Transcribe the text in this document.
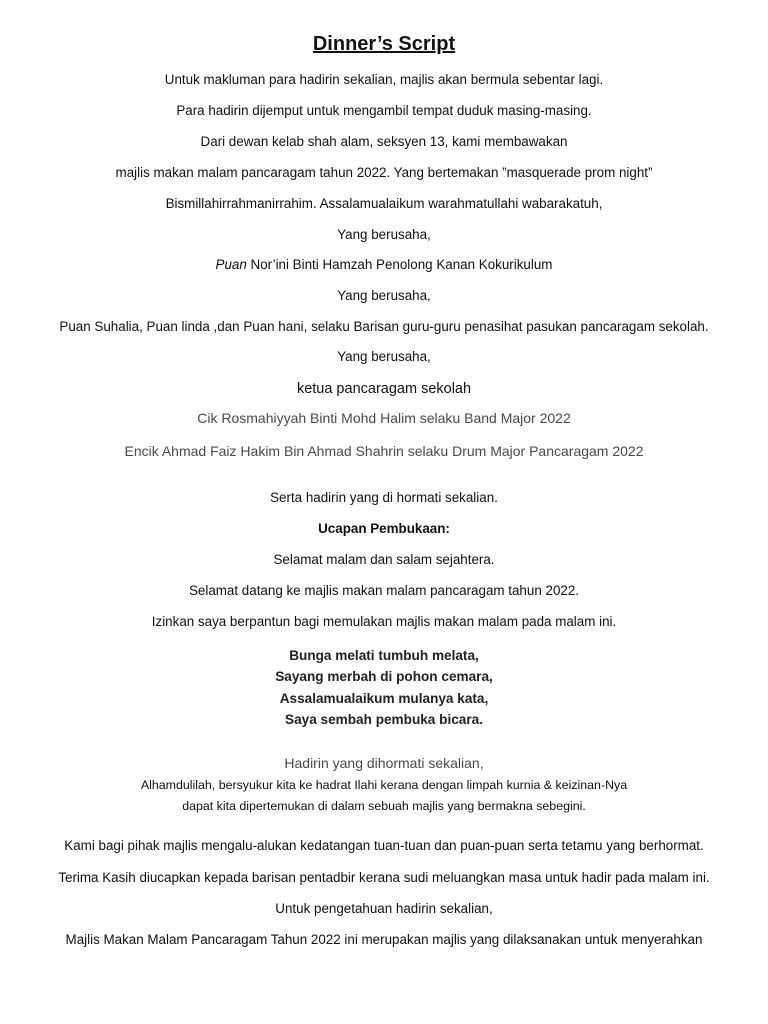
Dinner’s Script
Untuk makluman para hadirin sekalian, majlis akan bermula sebentar lagi.
Para hadirin dijemput untuk mengambil tempat duduk masing-masing.
Dari dewan kelab shah alam, seksyen 13, kami membawakan
majlis makan malam pancaragam tahun 2022. Yang bertemakan ”masquerade prom night”
Bismillahirrahmanirrahim. Assalamualaikum warahmatullahi wabarakatuh,
Yang berusaha,
Puan Nor’ini Binti Hamzah Penolong Kanan Kokurikulum
Yang berusaha,
Puan Suhalia, Puan linda ,dan Puan hani, selaku Barisan guru-guru penasihat pasukan pancaragam sekolah.
Yang berusaha,
ketua pancaragam sekolah
Cik Rosmahiyyah Binti Mohd Halim selaku Band Major 2022
Encik Ahmad Faiz Hakim Bin Ahmad Shahrin selaku Drum Major Pancaragam 2022
Serta hadirin yang di hormati sekalian.
Ucapan Pembukaan:
Selamat malam dan salam sejahtera.
Selamat datang ke majlis makan malam pancaragam tahun 2022.
Izinkan saya berpantun bagi memulakan majlis makan malam pada malam ini.
Bunga melati tumbuh melata,
Sayang merbah di pohon cemara,
Assalamualaikum mulanya kata,
Saya sembah pembuka bicara.
Hadirin yang dihormati sekalian,
Alhamdulilah, bersyukur kita ke hadrat Ilahi kerana dengan limpah kurnia & keizinan-Nya
dapat kita dipertemukan di dalam sebuah majlis yang bermakna sebegini.
Kami bagi pihak majlis mengalu-alukan kedatangan tuan-tuan dan puan-puan serta tetamu yang berhormat.
Terima Kasih diucapkan kepada barisan pentadbir kerana sudi meluangkan masa untuk hadir pada malam ini.
Untuk pengetahuan hadirin sekalian,
Majlis Makan Malam Pancaragam Tahun 2022 ini merupakan majlis yang dilaksanakan untuk menyerahkan
